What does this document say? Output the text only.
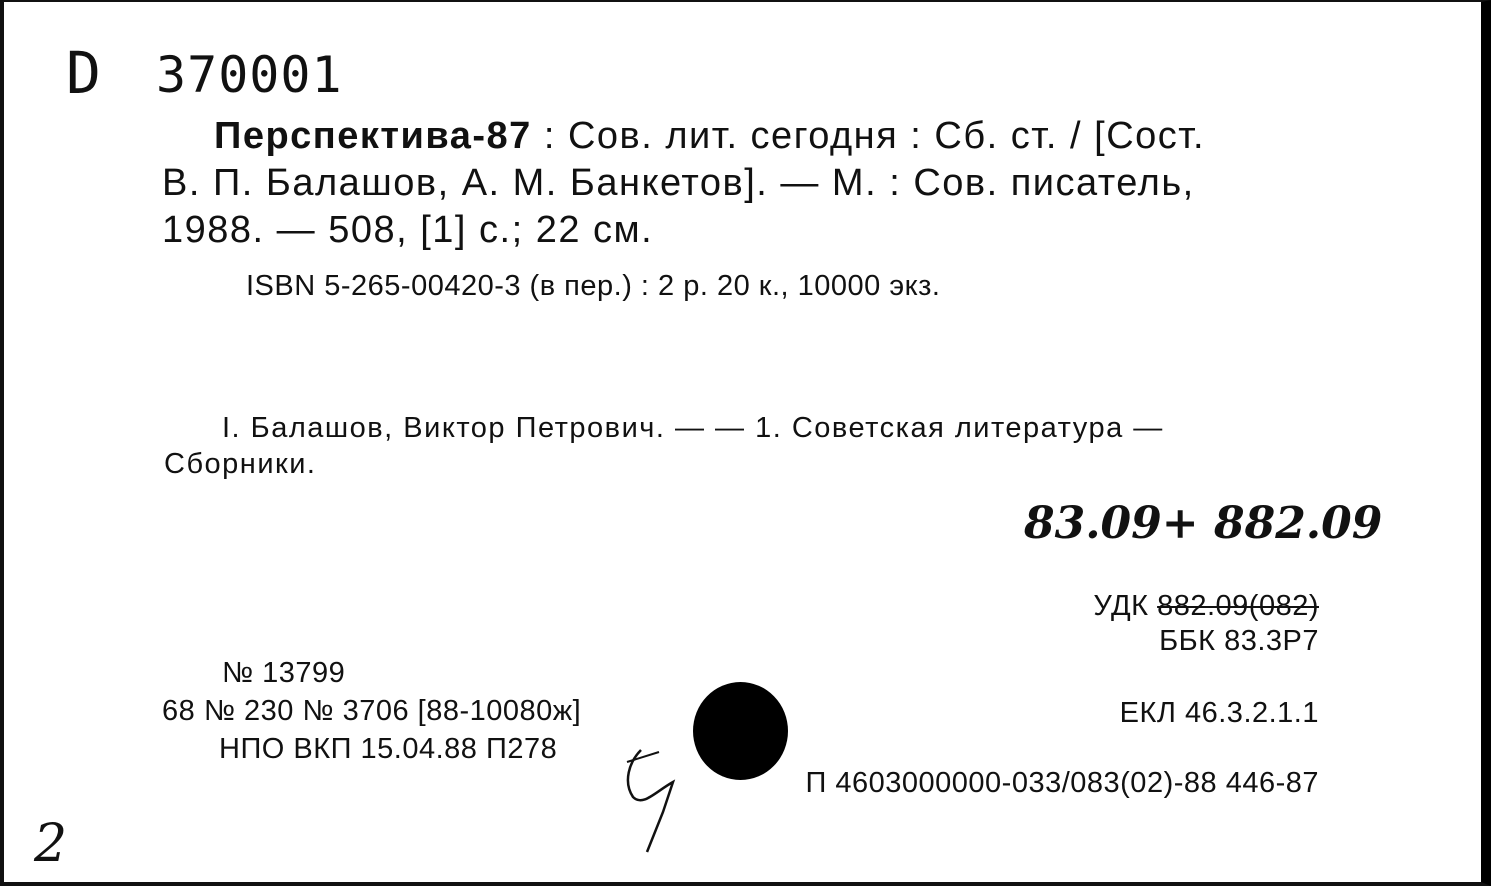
D 370001
Перспектива-87 : Сов. лит. сегодня : Сб. ст. / [Сост.
В. П. Балашов, А. М. Банкетов]. — М. : Сов. писатель,
1988. — 508, [1] с.; 22 см.
ISBN 5-265-00420-3 (в пер.) : 2 р. 20 к., 10000 экз.
I. Балашов, Виктор Петрович. — — 1. Советская литература —
Сборники.
83.09+ 882.09
УДК 882.09(082)
ББК 83.3Р7
№ 13799
68 № 230 № 3706 [88-10080ж]
НПО ВКП 15.04.88 П278
ЕКЛ 46.3.2.1.1
П 4603000000-033/083(02)-88 446-87
2
